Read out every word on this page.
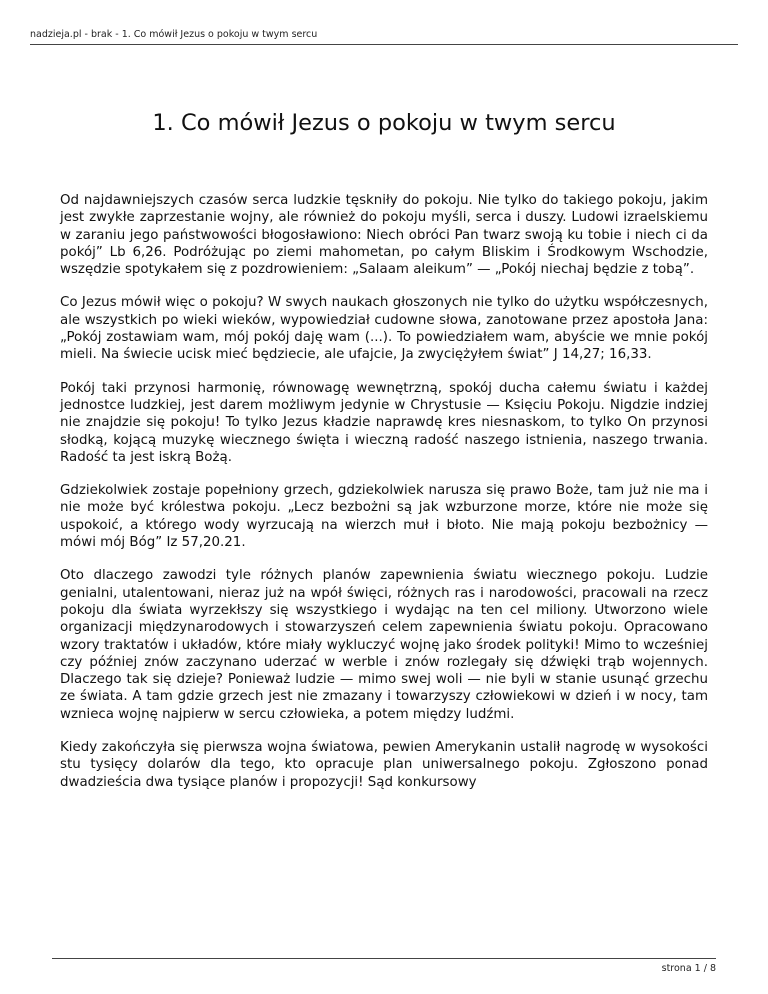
nadzieja.pl - brak - 1. Co mówił Jezus o pokoju w twym sercu
1. Co mówił Jezus o pokoju w twym sercu

Od najdawniejszych czasów serca ludzkie tęskniły do pokoju. Nie tylko do takiego pokoju, jakim jest zwykłe zaprzestanie wojny, ale również do pokoju myśli, serca i duszy. Ludowi izraelskiemu w zaraniu jego państwowości błogosławiono: Niech obróci Pan twarz swoją ku tobie i niech ci da pokój” Lb 6,26. Podróżując po ziemi mahometan, po całym Bliskim i Środkowym Wschodzie, wszędzie spotykałem się z pozdrowieniem: „Salaam aleikum” — „Pokój niechaj będzie z tobą”.

Co Jezus mówił więc o pokoju? W swych naukach głoszonych nie tylko do użytku współczesnych, ale wszystkich po wieki wieków, wypowiedział cudowne słowa, zanotowane przez apostoła Jana: „Pokój zostawiam wam, mój pokój daję wam (...). To powiedziałem wam, abyście we mnie pokój mieli. Na świecie ucisk mieć będziecie, ale ufajcie, Ja zwyciężyłem świat” J 14,27; 16,33.

Pokój taki przynosi harmonię, równowagę wewnętrzną, spokój ducha całemu światu i każdej jednostce ludzkiej, jest darem możliwym jedynie w Chrystusie — Księciu Pokoju. Nigdzie indziej nie znajdzie się pokoju! To tylko Jezus kładzie naprawdę kres niesnaskom, to tylko On przynosi słodką, kojącą muzykę wiecznego święta i wieczną radość naszego istnienia, naszego trwania. Radość ta jest iskrą Bożą.

Gdziekolwiek zostaje popełniony grzech, gdziekolwiek narusza się prawo Boże, tam już nie ma i nie może być królestwa pokoju. „Lecz bezbożni są jak wzburzone morze, które nie może się uspokoić, a którego wody wyrzucają na wierzch muł i błoto. Nie mają pokoju bezbożnicy — mówi mój Bóg” Iz 57,20.21.

Oto dlaczego zawodzi tyle różnych planów zapewnienia światu wiecznego pokoju. Ludzie genialni, utalentowani, nieraz już na wpół święci, różnych ras i narodowości, pracowali na rzecz pokoju dla świata wyrzekłszy się wszystkiego i wydając na ten cel miliony. Utworzono wiele organizacji międzynarodowych i stowarzyszeń celem zapewnienia światu pokoju. Opracowano wzory traktatów i układów, które miały wykluczyć wojnę jako środek polityki! Mimo to wcześniej czy później znów zaczynano uderzać w werble i znów rozlegały się dźwięki trąb wojennych. Dlaczego tak się dzieje? Ponieważ ludzie — mimo swej woli — nie byli w stanie usunąć grzechu ze świata. A tam gdzie grzech jest nie zmazany i towarzyszy człowiekowi w dzień i w nocy, tam wznieca wojnę najpierw w sercu człowieka, a potem między ludźmi.

Kiedy zakończyła się pierwsza wojna światowa, pewien Amerykanin ustalił nagrodę w wysokości stu tysięcy dolarów dla tego, kto opracuje plan uniwersalnego pokoju. Zgłoszono ponad dwadzieścia dwa tysiące planów i propozycji! Sąd konkursowy

strona 1 / 8
